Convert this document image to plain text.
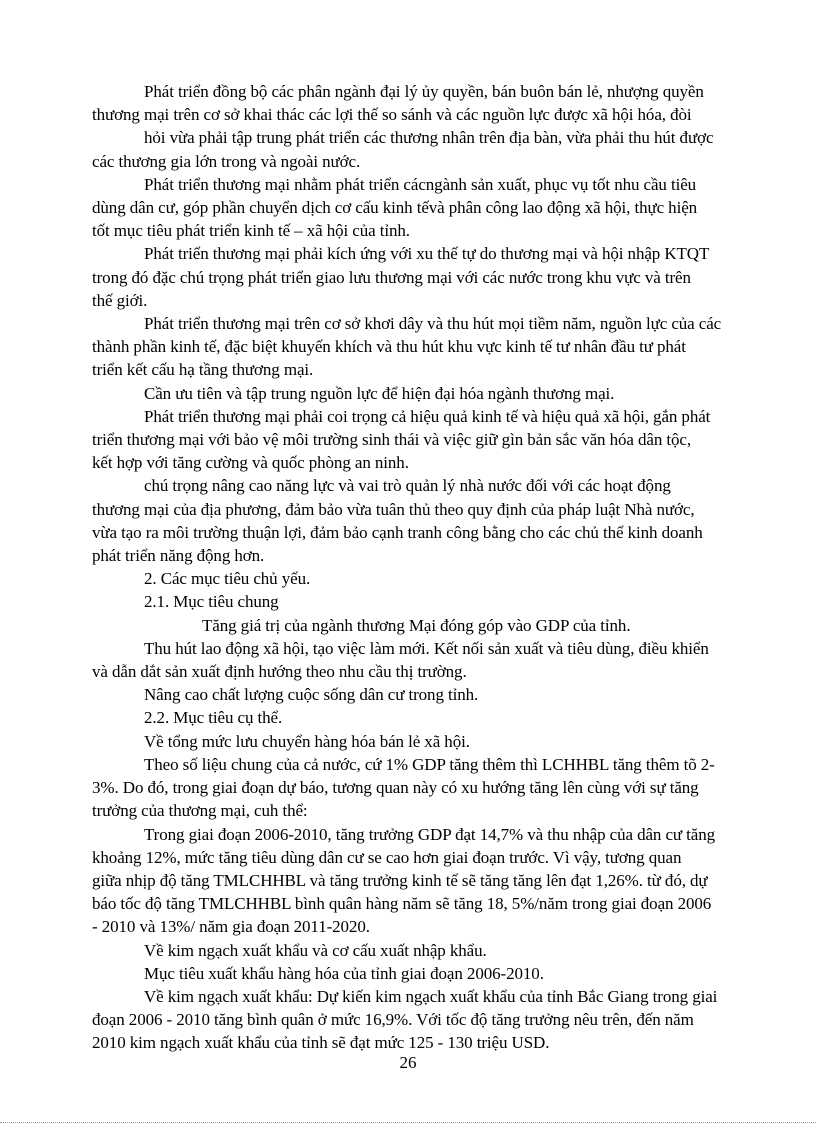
Phát triển đồng bộ các phân ngành đại lý ủy quyền, bán buôn bán lẻ, nhượng quyền
thương mại trên cơ sở khai thác các lợi thế so sánh và các nguồn lực được xã hội hóa, đòi
hỏi vừa phải tập trung phát triển các thương nhân trên địa bàn, vừa phải thu hút được
các thương gia lớn trong và ngoài nước.
Phát triển thương mại nhằm phát triển cácngành sản xuất, phục vụ tốt nhu cầu tiêu
dùng dân cư, góp phần chuyển dịch cơ cấu kinh tếvà phân công lao động xã hội, thực hiện
tốt mục tiêu phát triển kinh tế – xã hội của tỉnh.
Phát triển thương mại phải kích ứng với xu thế tự do thương mại và hội nhập KTQT
trong đó đặc chú trọng phát triển giao lưu thương mại với các nước trong khu vực và trên
thế giới.
Phát triển thương mại trên cơ sở khơi dây và thu hút mọi tiềm năm, nguồn lực của các
thành phần kinh tế, đặc biệt khuyến khích và thu hút khu vực kinh tế tư nhân đầu tư phát
triển kết cấu hạ tầng thương mại.
Cần ưu tiên và tập trung nguồn lực để hiện đại hóa ngành thương mại.
Phát triển thương mại phải coi trọng cả hiệu quả kinh tế và hiệu quả xã hội, gắn phát
triển thương mại với bảo vệ môi trường sinh thái và việc giữ gìn bản sắc văn hóa dân tộc,
kết hợp với tăng cường và quốc phòng an ninh.
chú trọng nâng cao năng lực và vai trò quản lý nhà nước đối với các hoạt động
thương mại của địa phương, đảm bảo vừa tuân thủ theo quy định của pháp luật Nhà nước,
vừa tạo ra môi trường thuận lợi, đảm bảo cạnh tranh công bằng cho các chủ thể kinh doanh
phát triển năng động hơn.
2. Các mục tiêu chủ yếu.
2.1. Mục tiêu chung
Tăng giá trị của ngành thương Mại đóng góp vào GDP của tỉnh.
Thu hút lao động xã hội, tạo việc làm mới. Kết nối sản xuất và tiêu dùng, điều khiển
và dẫn dắt sản xuất định hướng theo nhu cầu thị trường.
Nâng cao chất lượng cuộc sống dân cư trong tỉnh.
2.2. Mục tiêu cụ thể.
Về tổng mức lưu chuyển hàng hóa bán lẻ xã hội.
Theo số liệu chung của cả nước, cứ 1% GDP tăng thêm thì LCHHBL tăng thêm tõ 2-
3%. Do đó, trong giai đoạn dự báo, tương quan này có xu hướng tăng lên cùng với sự tăng
trưởng của thương mại, cuh thể:
Trong giai đoạn 2006-2010, tăng trưởng GDP đạt 14,7% và thu nhập của dân cư tăng
khoảng 12%, mức tăng tiêu dùng dân cư se cao hơn giai đoạn trước. Vì vậy, tương quan
giữa nhịp độ tăng TMLCHHBL và tăng trưởng kinh tế sẽ tăng tăng lên đạt 1,26%. từ đó, dự
báo tốc độ tăng TMLCHHBL bình quân hàng năm sẽ tăng 18, 5%/năm trong giai đoạn 2006
- 2010 và 13%/ năm gia đoạn 2011-2020.
Về kim ngạch xuất khẩu và cơ cấu xuất nhập khẩu.
Mục tiêu xuất khẩu hàng hóa của tỉnh giai đoạn 2006-2010.
Về kim ngạch xuất khẩu: Dự kiến kim ngạch xuất khẩu của tỉnh Bắc Giang trong giai
đoạn 2006 - 2010 tăng bình quân ở mức 16,9%. Với tốc độ tăng trưởng nêu trên, đến năm
2010 kim ngạch xuất khẩu của tỉnh sẽ đạt mức 125 - 130 triệu USD.
26
